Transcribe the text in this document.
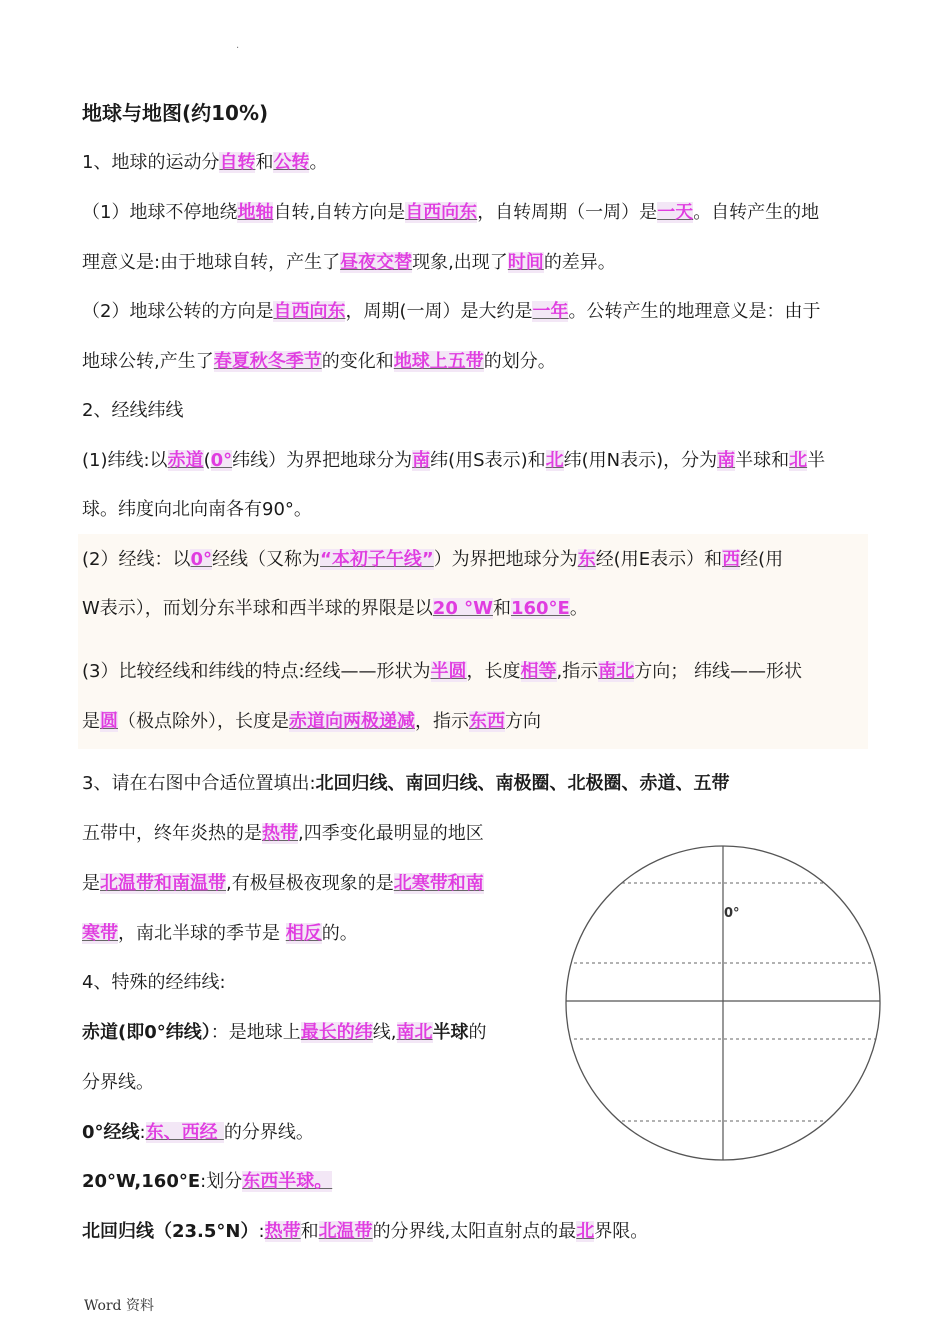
.
地球与地图(约10%)
1、地球的运动分自转和公转。
（1）地球不停地绕地轴自转,自转方向是自西向东，自转周期（一周）是一天。自转产生的地
理意义是:由于地球自转，产生了昼夜交替现象,出现了时间的差异。
（2）地球公转的方向是自西向东，周期(一周）是大约是一年。公转产生的地理意义是：由于
地球公转,产生了春夏秋冬季节的变化和地球上五带的划分。
2、经线纬线
(1)纬线:以赤道(0°纬线）为界把地球分为南纬(用S表示)和北纬(用N表示)，分为南半球和北半
球。纬度向北向南各有90°。
(2）经线：以0°经线（又称为“本初子午线”）为界把地球分为东经(用E表示）和西经(用
W表示），而划分东半球和西半球的界限是以20 °W和160°E。
(3）比较经线和纬线的特点:经线——形状为半圆，长度相等,指示南北方向； 纬线——形状
是圆（极点除外），长度是赤道向两极递减，指示东西方向
3、请在右图中合适位置填出:北回归线、南回归线、南极圈、北极圈、赤道、五带
五带中，终年炎热的是热带,四季变化最明显的地区
是北温带和南温带,有极昼极夜现象的是北寒带和南
寒带，南北半球的季节是 相反的。
4、特殊的经纬线:
赤道(即0°纬线）：是地球上最长的纬线,南北半球的
分界线。
0°经线:东、西经 的分界线。
20°W,160°E:划分东西半球。
北回归线（23.5°N）:热带和北温带的分界线,太阳直射点的最北界限。
0°
Word 资料
